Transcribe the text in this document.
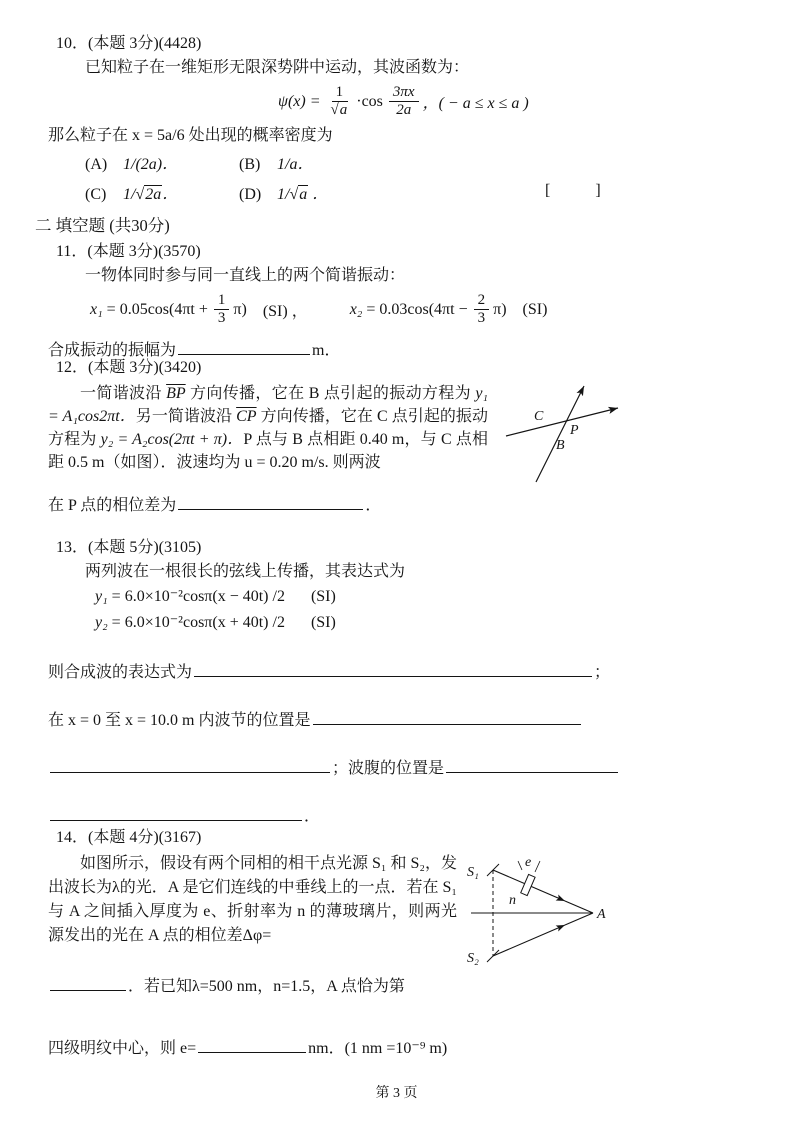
10．(本题 3分)(4428)
已知粒子在一维矩形无限深势阱中运动，其波函数为：
$\psi(x) = \frac{1}{√a} \cdot\cos \frac{3\pi x}{2a}$ ，( − a ≤ x ≤ a )
那么粒子在 x = 5a/6 处出现的概率密度为
(A) 1/(2a)．	(B) 1/a．
(C) 1/√2a．	(D) 1/√a ．	[	]
二 填空题 (共30分)
11．(本题 3分)(3570)
一物体同时参与同一直线上的两个简谐振动：
$x_1 = 0.05\cos(4\pi t + \frac{1}{3} \pi)$ (SI) ，	$x_2 = 0.03\cos(4\pi t - \frac{2}{3} \pi)$ (SI)
合成振动的振幅为	m．
12．(本题 3分)(3420)
C
P
B

一简谐波沿 $\overline{BP}$ 方向传播，它在 B 点引起的振动方程为 y₁ = A₁cos2πt．另一简谐波沿 $\overline{CP}$ 方向传播，它在 C 点引起的振动方程为 y₂ = A₂cos(2πt + π)．P 点与 B 点相距 0.40 m，与 C 点相距 0.5 m（如图）．波速均为 u = 0.20 m/s. 则两波

在 P 点的相位差为	．
13．(本题 5分)(3105)
两列波在一根很长的弦线上传播，其表达式为
y₁ = 6.0×10⁻²cosπ(x − 40t) /2 (SI)
y₂ = 6.0×10⁻²cosπ(x + 40t) /2 (SI)
则合成波的表达式为	；
在 x = 0 至 x = 10.0 m 内波节的位置是
；波腹的位置是
．
14．(本题 4分)(3167)
e
n
S₁
S₂
A

如图所示，假设有两个同相的相干点光源 S₁ 和 S₂，发出波长为λ的光．A 是它们连线的中垂线上的一点．若在 S₁ 与 A 之间插入厚度为 e、折射率为 n 的薄玻璃片，则两光源发出的光在 A 点的相位差Δφ=

．若已知λ=500 nm，n=1.5，A 点恰为第
四级明纹中心，则 e=	nm．(1 nm =10⁻⁹ m)
第 3 页
